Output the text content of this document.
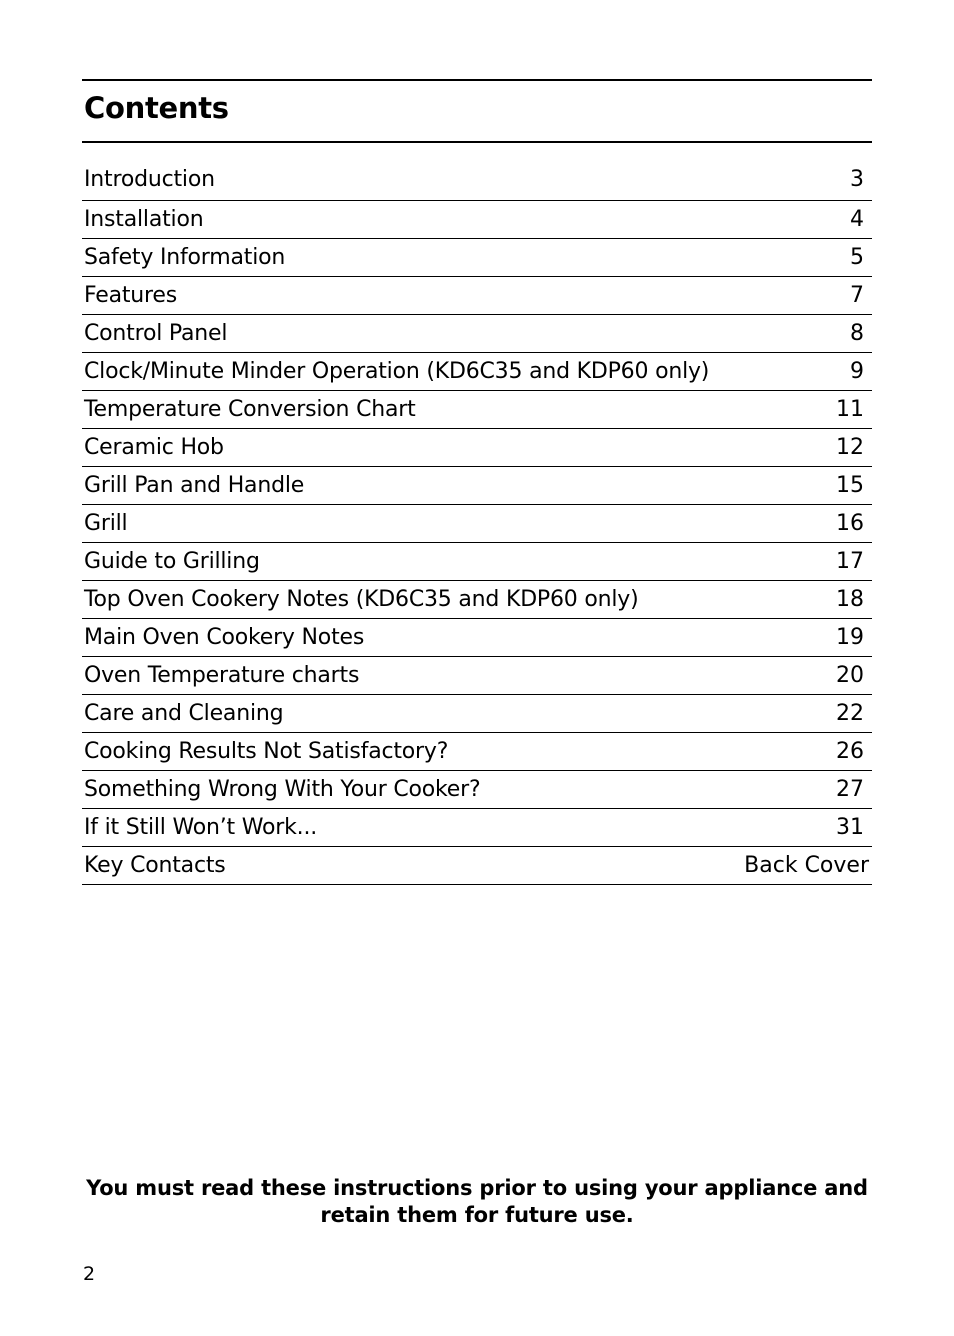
Contents
Introduction	3
Installation	4
Safety Information	5
Features	7
Control Panel	8
Clock/Minute Minder Operation (KD6C35 and KDP60 only)	9
Temperature Conversion Chart	11
Ceramic Hob	12
Grill Pan and Handle	15
Grill	16
Guide to Grilling	17
Top Oven Cookery Notes (KD6C35 and KDP60 only)	18
Main Oven Cookery Notes	19
Oven Temperature charts	20
Care and Cleaning	22
Cooking Results Not Satisfactory?	26
Something Wrong With Your Cooker?	27
If it Still Won’t Work...	31
Key Contacts	Back Cover
You must read these instructions prior to using your appliance and
retain them for future use.
2
